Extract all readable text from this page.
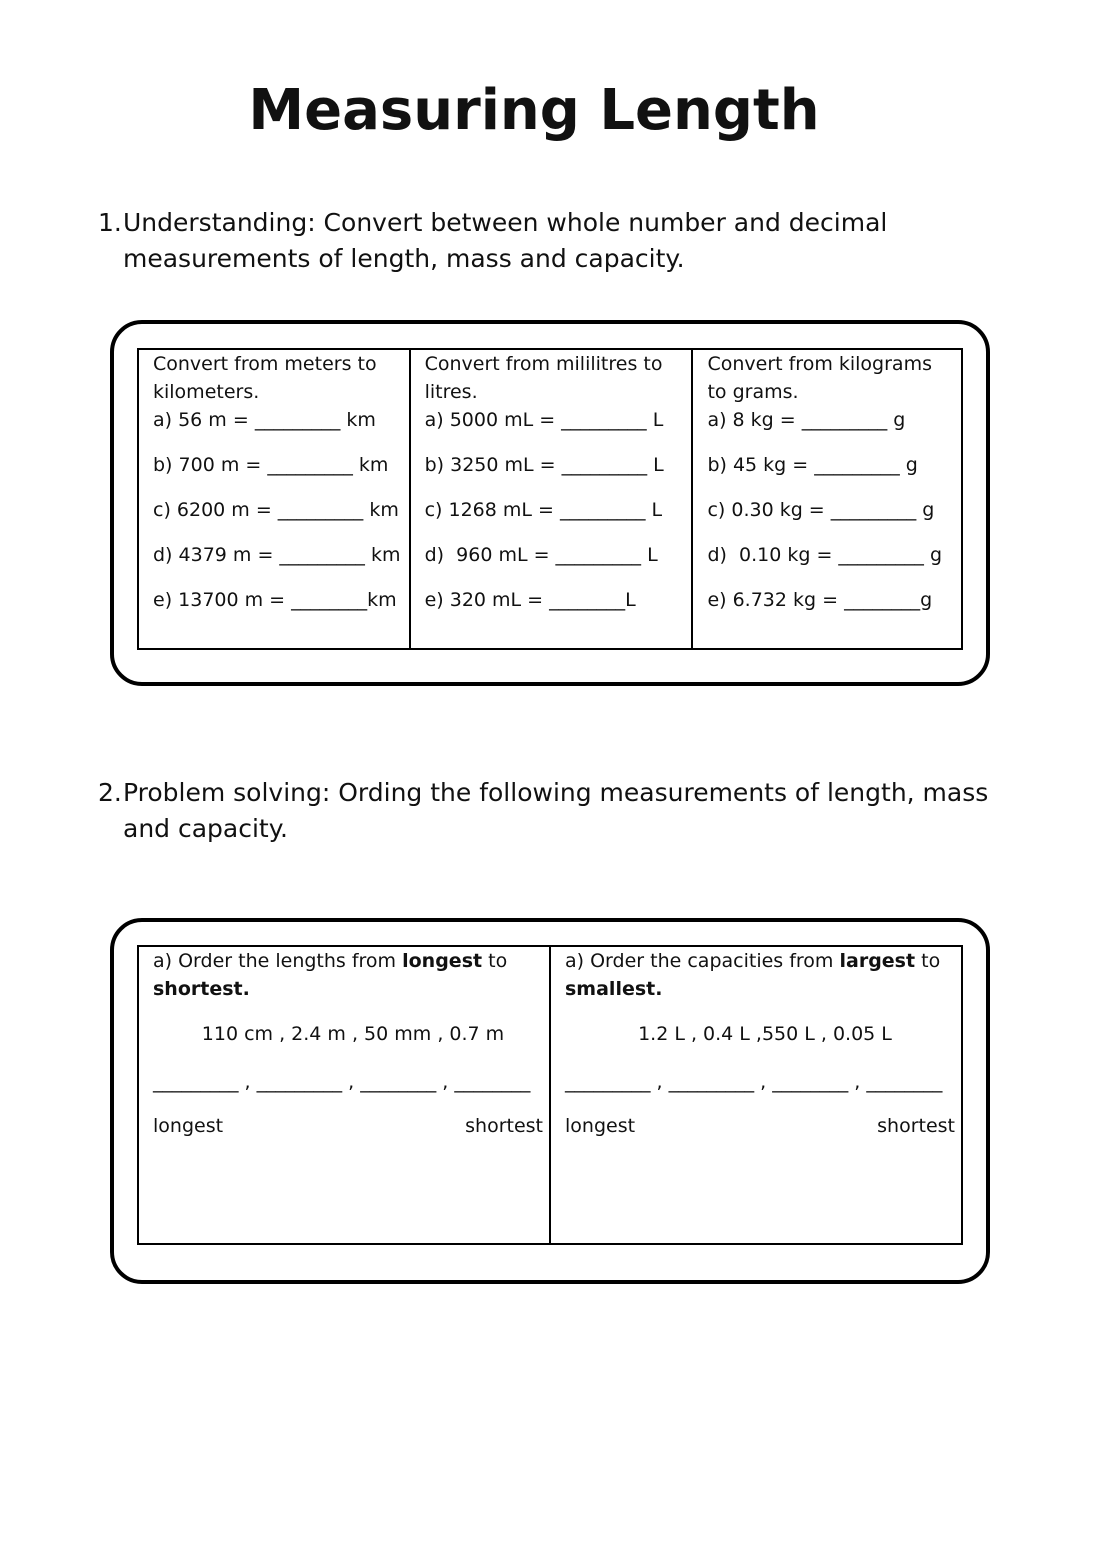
Measuring Length
1. Understanding: Convert between whole number and decimal measurements of length, mass and capacity.
Convert from meters to kilometers.
a) 56 m = _________ km
b) 700 m = _________ km
c) 6200 m = _________ km
d) 4379 m = _________ km
e) 13700 m = ________km

Convert from mililitres to litres.
a) 5000 mL = _________ L
b) 3250 mL = _________ L
c) 1268 mL = _________ L
d)  960 mL = _________ L
e) 320 mL = ________L

Convert from kilograms to grams.
a) 8 kg = _________ g
b) 45 kg = _________ g
c) 0.30 kg = _________ g
d)  0.10 kg = _________ g
e) 6.732 kg = ________g
2. Problem solving: Ording the following measurements of length, mass and capacity.
a) Order the lengths from longest to
shortest.
110 cm , 2.4 m , 50 mm , 0.7 m
_________ , _________ , ________ , ________
longest	shortest

a) Order the capacities from largest to
smallest.
1.2 L , 0.4 L ,550 L , 0.05 L
_________ , _________ , ________ , ________
longest	shortest
